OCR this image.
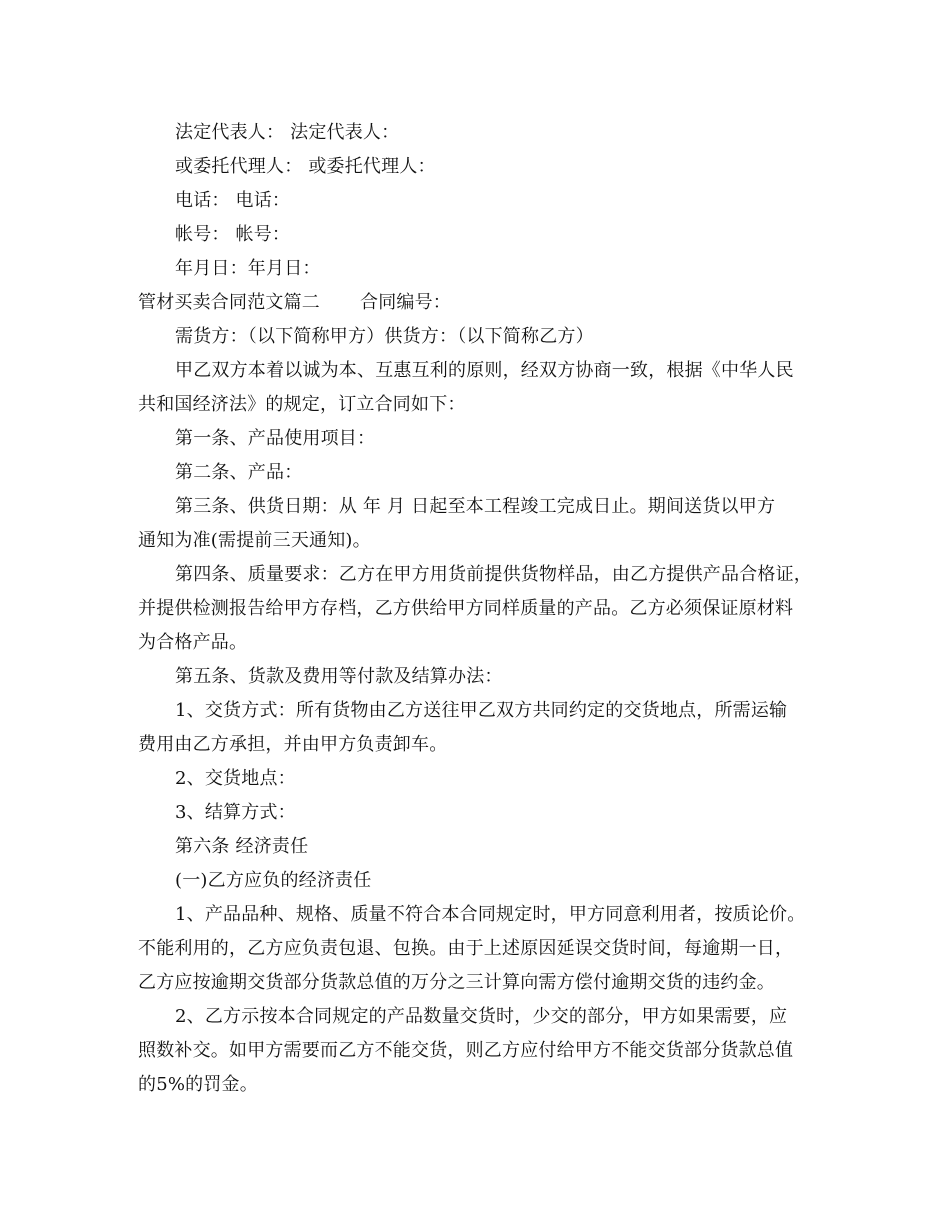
法定代表人： 法定代表人：
或委托代理人： 或委托代理人：
电话： 电话：
帐号： 帐号：
年月日：年月日：
管材买卖合同范文篇二 合同编号：
需货方：（以下简称甲方）供货方：（以下简称乙方）
甲乙双方本着以诚为本、互惠互利的原则，经双方协商一致，根据《中华人民
共和国经济法》的规定，订立合同如下：
第一条、产品使用项目：
第二条、产品：
第三条、供货日期：从 年 月 日起至本工程竣工完成日止。期间送货以甲方
通知为准(需提前三天通知)。
第四条、质量要求：乙方在甲方用货前提供货物样品，由乙方提供产品合格证，
并提供检测报告给甲方存档，乙方供给甲方同样质量的产品。乙方必须保证原材料
为合格产品。
第五条、货款及费用等付款及结算办法：
1、交货方式：所有货物由乙方送往甲乙双方共同约定的交货地点，所需运输
费用由乙方承担，并由甲方负责卸车。
2、交货地点：
3、结算方式：
第六条 经济责任
(一)乙方应负的经济责任
1、产品品种、规格、质量不符合本合同规定时，甲方同意利用者，按质论价。
不能利用的，乙方应负责包退、包换。由于上述原因延误交货时间，每逾期一日，
乙方应按逾期交货部分货款总值的万分之三计算向需方偿付逾期交货的违约金。
2、乙方示按本合同规定的产品数量交货时，少交的部分，甲方如果需要，应
照数补交。如甲方需要而乙方不能交货，则乙方应付给甲方不能交货部分货款总值
的5%的罚金。
